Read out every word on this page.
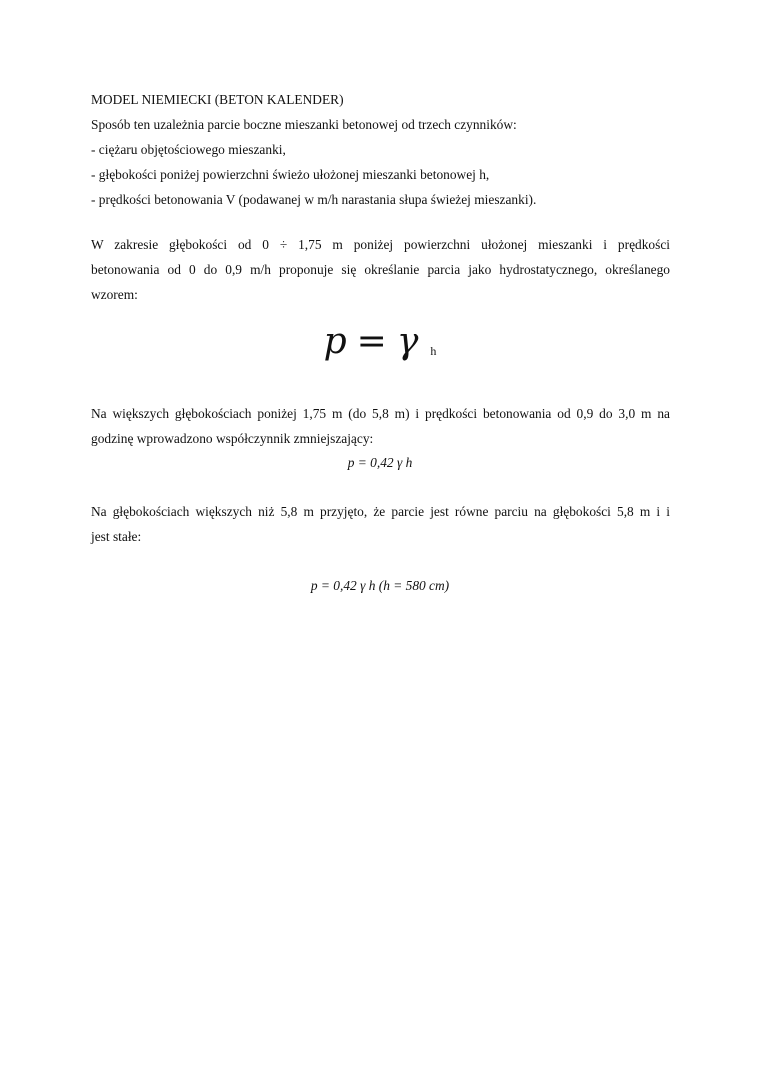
MODEL NIEMIECKI (BETON KALENDER)
Sposób ten uzależnia parcie boczne mieszanki betonowej od trzech czynników:
- ciężaru objętościowego mieszanki,
- głębokości poniżej powierzchni świeżo ułożonej mieszanki betonowej h,
- prędkości betonowania V (podawanej w m/h narastania słupa świeżej mieszanki).
W zakresie głębokości od 0 ÷ 1,75 m poniżej powierzchni ułożonej mieszanki i prędkości
betonowania od 0 do 0,9 m/h proponuje się określanie parcia jako hydrostatycznego, określanego
wzorem:
p = γ h
Na większych głębokościach poniżej 1,75 m (do 5,8 m) i prędkości betonowania od 0,9 do 3,0 m na
godzinę wprowadzono współczynnik zmniejszający:
p = 0,42 γ h
Na głębokościach większych niż 5,8 m przyjęto, że parcie jest równe parciu na głębokości 5,8 m i i
jest stałe:
p = 0,42 γ h (h = 580 cm)
